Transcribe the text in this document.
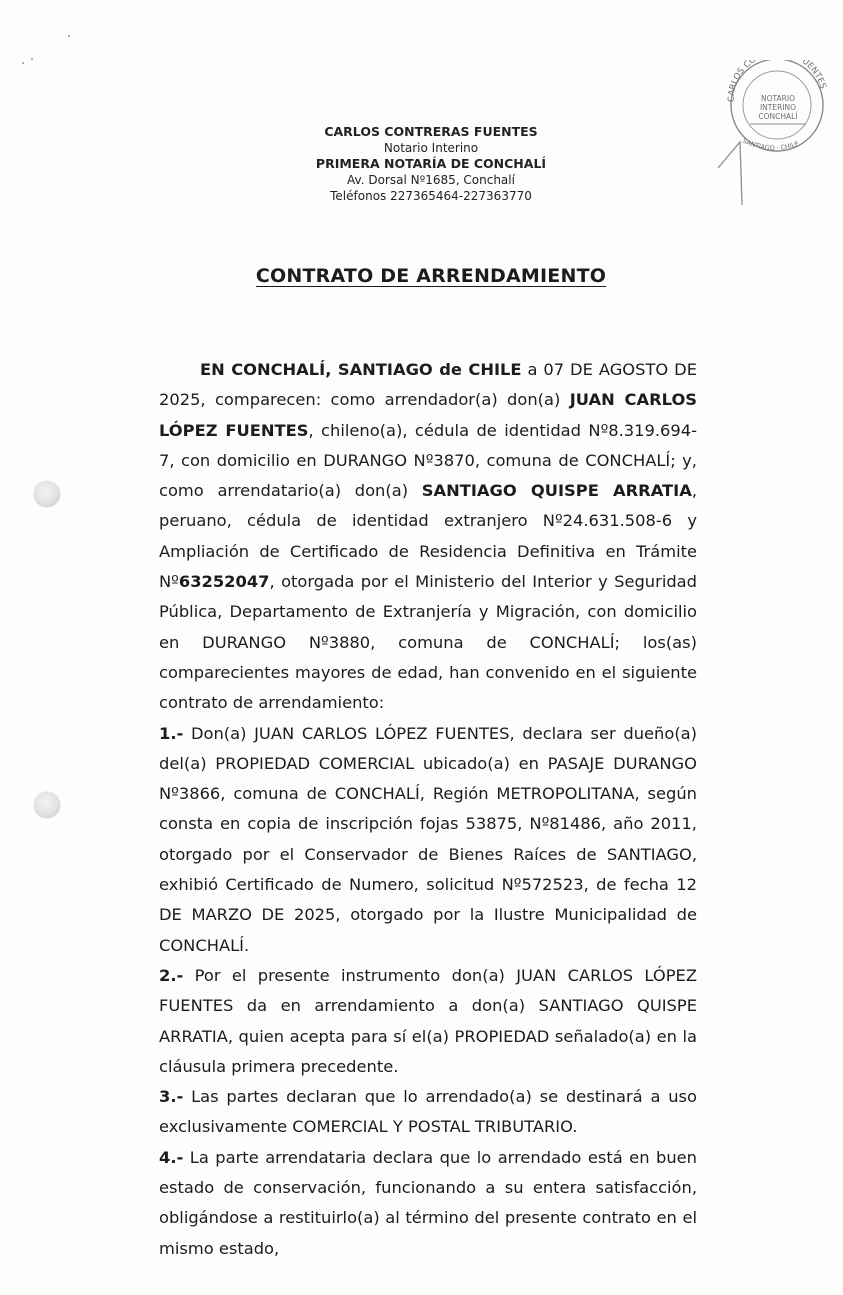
CARLOS CO UENTES
NOTARIO
INTERINO
CONCHALÍ
SANTIAGO · CHILE
CARLOS CONTRERAS FUENTES
Notario Interino
PRIMERA NOTARÍA DE CONCHALÍ
Av. Dorsal Nº1685, Conchalí
Teléfonos 227365464-227363770
CONTRATO DE ARRENDAMIENTO

EN CONCHALÍ, SANTIAGO de CHILE a 07 DE AGOSTO DE 2025, comparecen: como arrendador(a) don(a) JUAN CARLOS LÓPEZ FUENTES, chileno(a), cédula de identidad Nº8.319.694-7, con domicilio en DURANGO Nº3870, comuna de CONCHALÍ; y, como arrendatario(a) don(a) SANTIAGO QUISPE ARRATIA, peruano, cédula de identidad extranjero Nº24.631.508-6 y Ampliación de Certificado de Residencia Definitiva en Trámite Nº63252047, otorgada por el Ministerio del Interior y Seguridad Pública, Departamento de Extranjería y Migración, con domicilio en DURANGO Nº3880, comuna de CONCHALÍ; los(as) comparecientes mayores de edad, han convenido en el siguiente contrato de arrendamiento:

1.- Don(a) JUAN CARLOS LÓPEZ FUENTES, declara ser dueño(a) del(a) PROPIEDAD COMERCIAL ubicado(a) en PASAJE DURANGO Nº3866, comuna de CONCHALÍ, Región METROPOLITANA, según consta en copia de inscripción fojas 53875, Nº81486, año 2011, otorgado por el Conservador de Bienes Raíces de SANTIAGO, exhibió Certificado de Numero, solicitud Nº572523, de fecha 12 DE MARZO DE 2025, otorgado por la Ilustre Municipalidad de CONCHALÍ.

2.- Por el presente instrumento don(a) JUAN CARLOS LÓPEZ FUENTES da en arrendamiento a don(a) SANTIAGO QUISPE ARRATIA, quien acepta para sí el(a) PROPIEDAD señalado(a) en la cláusula primera precedente.

3.- Las partes declaran que lo arrendado(a) se destinará a uso exclusivamente COMERCIAL Y POSTAL TRIBUTARIO.

4.- La parte arrendataria declara que lo arrendado está en buen estado de conservación, funcionando a su entera satisfacción, obligándose a restituirlo(a) al término del presente contrato en el mismo estado,
